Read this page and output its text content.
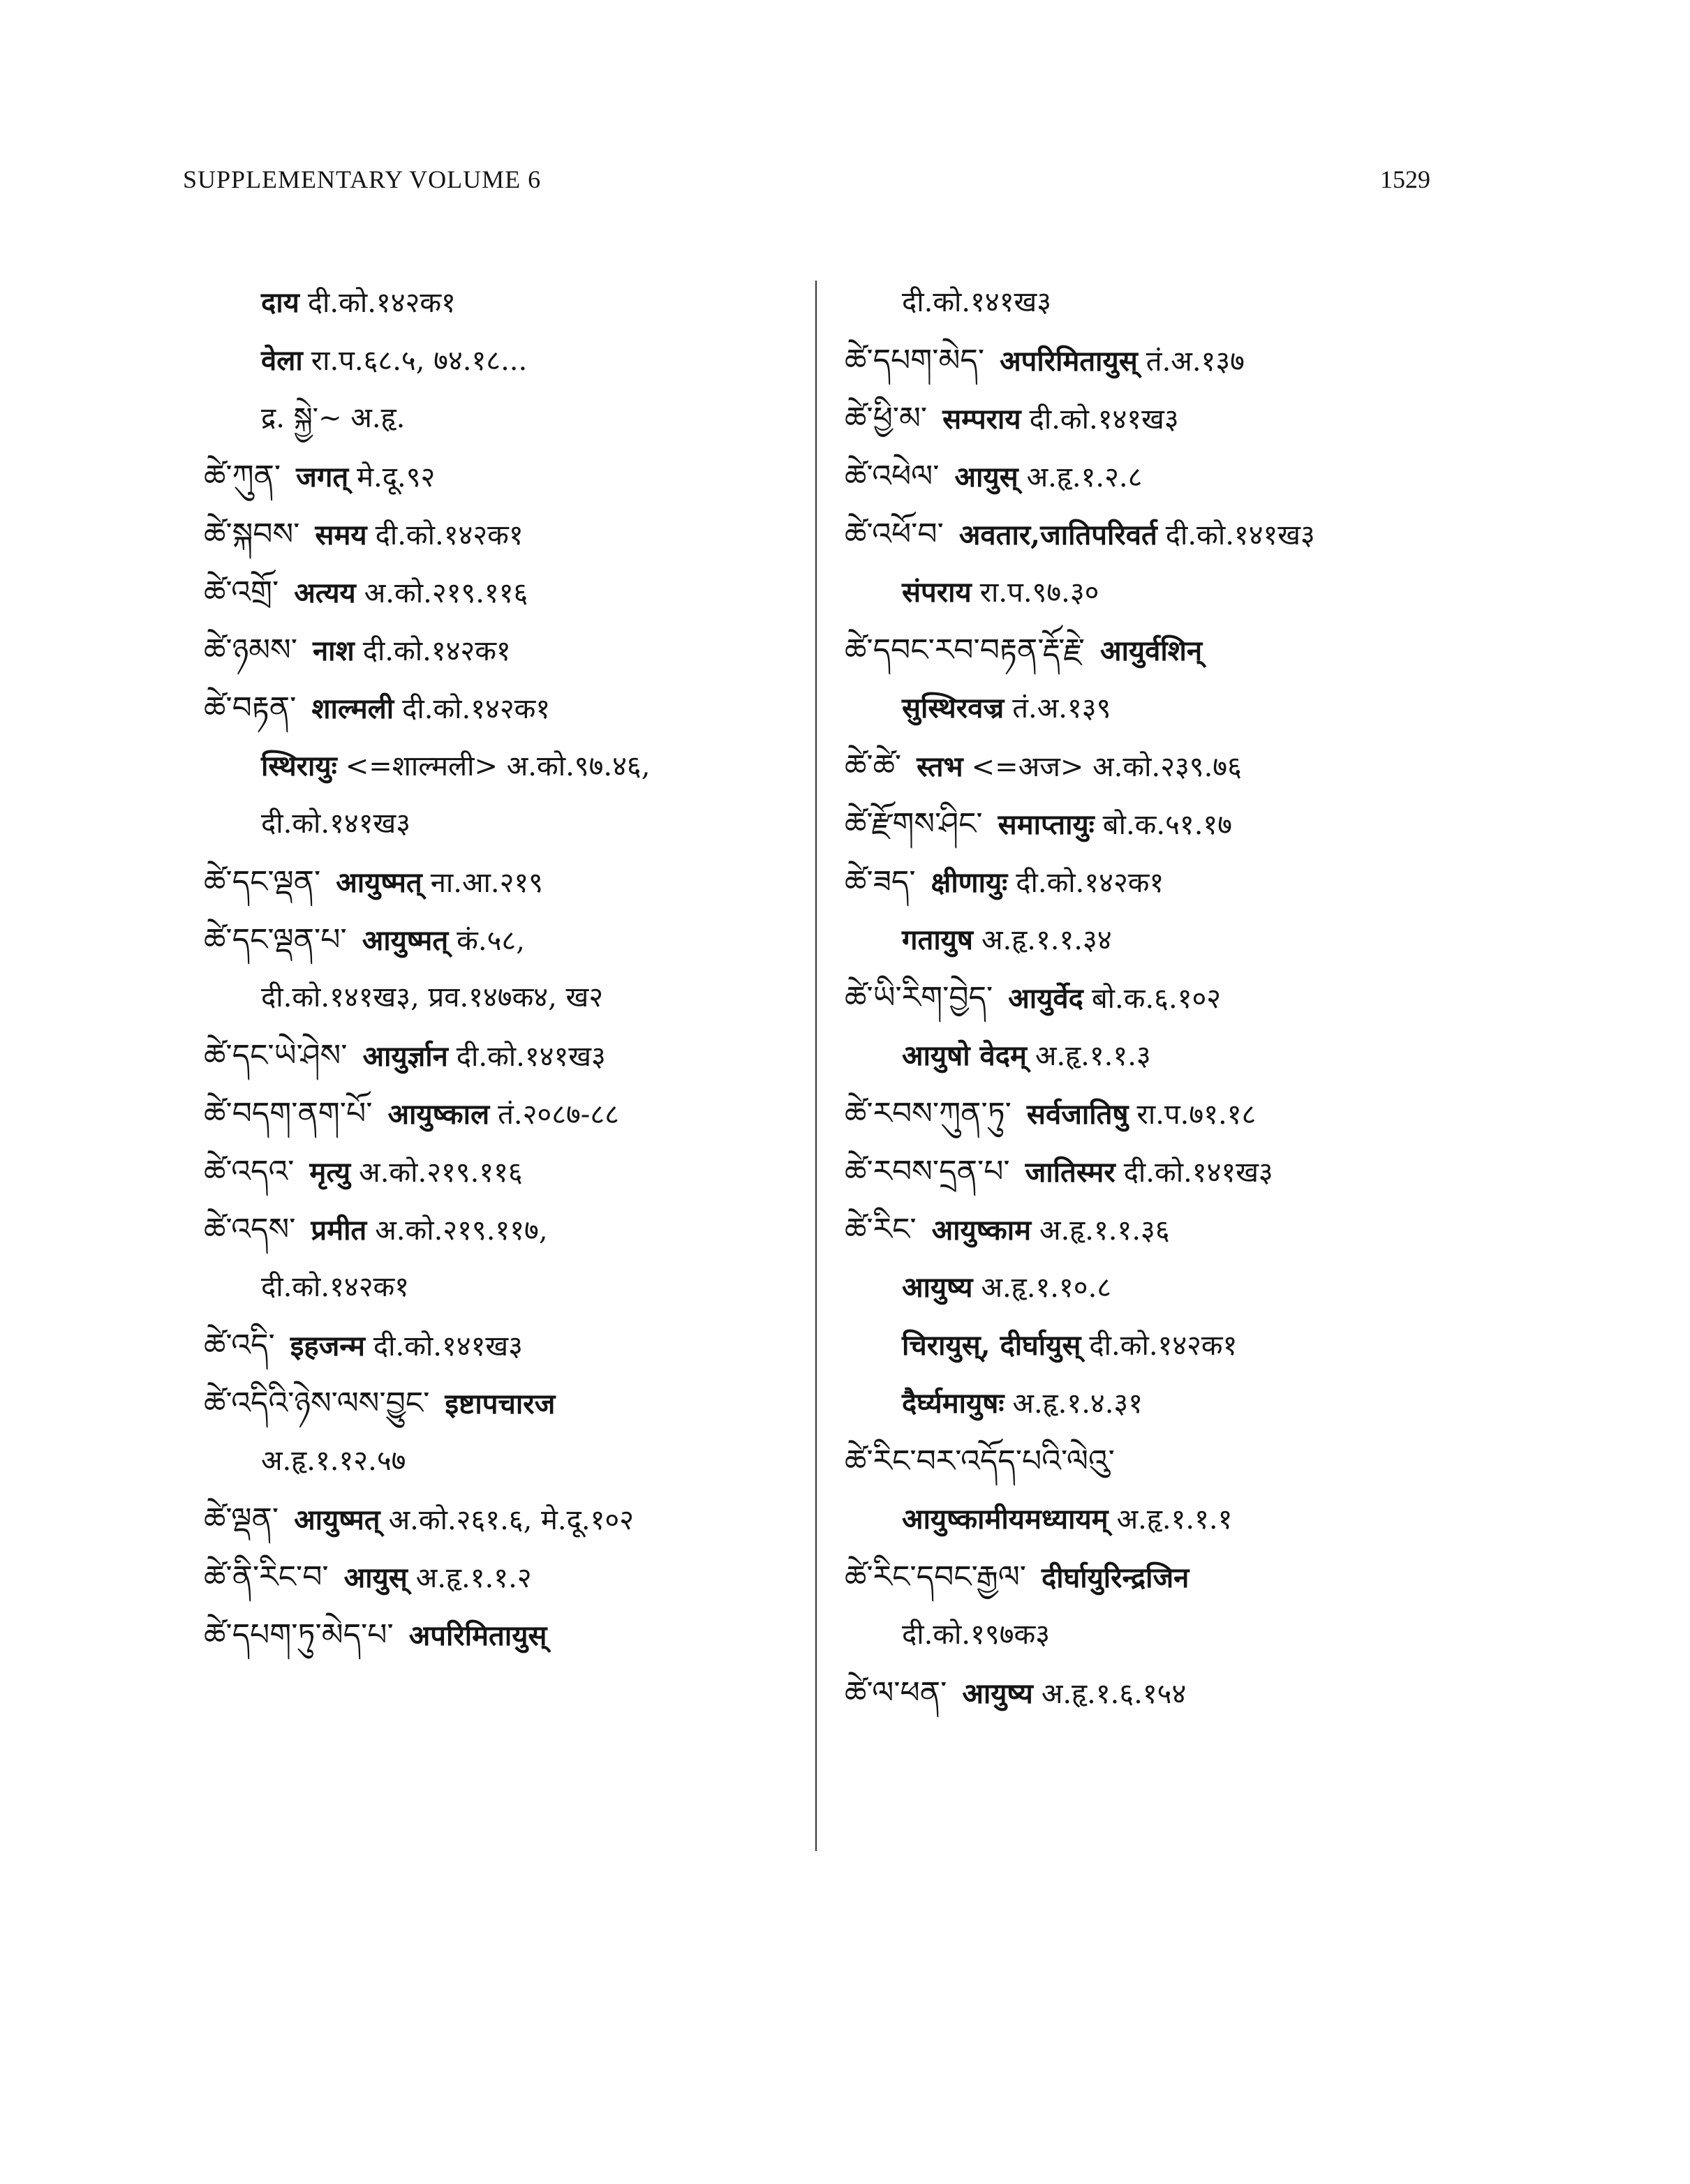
SUPPLEMENTARY VOLUME 6	1529
दाय दी.को.१४२क१
वेला रा.प.६८.५, ७४.१८...
द्र. སྐྱེ་~ अ.हृ.
ཚེ་ཀུན་ जगत् मे.दू.९२
ཚེ་སྐབས་ समय दी.को.१४२क१
ཚེ་འགྲོ་ अत्यय अ.को.२१९.११६
ཚེ་ཉམས་ नाश दी.को.१४२क१
ཚེ་བརྟན་ शाल्मली दी.को.१४२क१
स्थिरायुः <=शाल्मली> अ.को.९७.४६,
दी.को.१४१ख३
ཚེ་དང་ལྡན་ आयुष्मत् ना.आ.२१९
ཚེ་དང་ལྡན་པ་ आयुष्मत् कं.५८,
दी.को.१४१ख३, प्रव.१४७क४, ख२
ཚེ་དང་ཡེ་ཤེས་ आयुर्ज्ञान दी.को.१४१ख३
ཚེ་བདག་ནག་པོ་ आयुष्काल तं.२०८७-८८
ཚེ་འདའ་ मृत्यु अ.को.२१९.११६
ཚེ་འདས་ प्रमीत अ.को.२१९.११७,
दी.को.१४२क१
ཚེ་འདི་ इहजन्म दी.को.१४१ख३
ཚེ་འདིའི་ཉེས་ལས་བྱུང་ इष्टापचारज
अ.हृ.१.१२.५७
ཚེ་ལྡན་ आयुष्मत् अ.को.२६१.६, मे.दू.१०२
ཚེ་ནི་རིང་བ་ आयुस् अ.हृ.१.१.२
ཚེ་དཔག་ཏུ་མེད་པ་ अपरिमितायुस्
दी.को.१४१ख३
ཚེ་དཔག་མེད་ अपरिमितायुस् तं.अ.१३७
ཚེ་ཕྱི་མ་ सम्पराय दी.को.१४१ख३
ཚེ་འཕེལ་ आयुस् अ.हृ.१.२.८
ཚེ་འཕོ་བ་ अवतार,जातिपरिवर्त दी.को.१४१ख३
संपराय रा.प.९७.३०
ཚེ་དབང་རབ་བརྟན་རྡོ་རྗེ་ आयुर्वशिन्
सुस्थिरवज्र तं.अ.१३९
ཚེ་ཚེ་ स्तभ <=अज> अ.को.२३९.७६
ཚེ་རྫོགས་ཤིང་ समाप्तायुः बो.क.५१.१७
ཚེ་ཟད་ क्षीणायुः दी.को.१४२क१
गतायुष अ.हृ.१.१.३४
ཚེ་ཡི་རིག་བྱེད་ आयुर्वेद बो.क.६.१०२
आयुषो वेदम् अ.हृ.१.१.३
ཚེ་རབས་ཀུན་ཏུ་ सर्वजातिषु रा.प.७१.१८
ཚེ་རབས་དྲན་པ་ जातिस्मर दी.को.१४१ख३
ཚེ་རིང་ आयुष्काम अ.हृ.१.१.३६
आयुष्य अ.हृ.१.१०.८
चिरायुस्, दीर्घायुस् दी.को.१४२क१
दैर्घ्यमायुषः अ.हृ.१.४.३१
ཚེ་རིང་བར་འདོད་པའི་ལེའུ་
आयुष्कामीयमध्यायम् अ.हृ.१.१.१
ཚེ་རིང་དབང་རྒྱལ་ दीर्घायुरिन्द्रजिन
दी.को.१९७क३
ཚེ་ལ་ཕན་ आयुष्य अ.हृ.१.६.१५४
